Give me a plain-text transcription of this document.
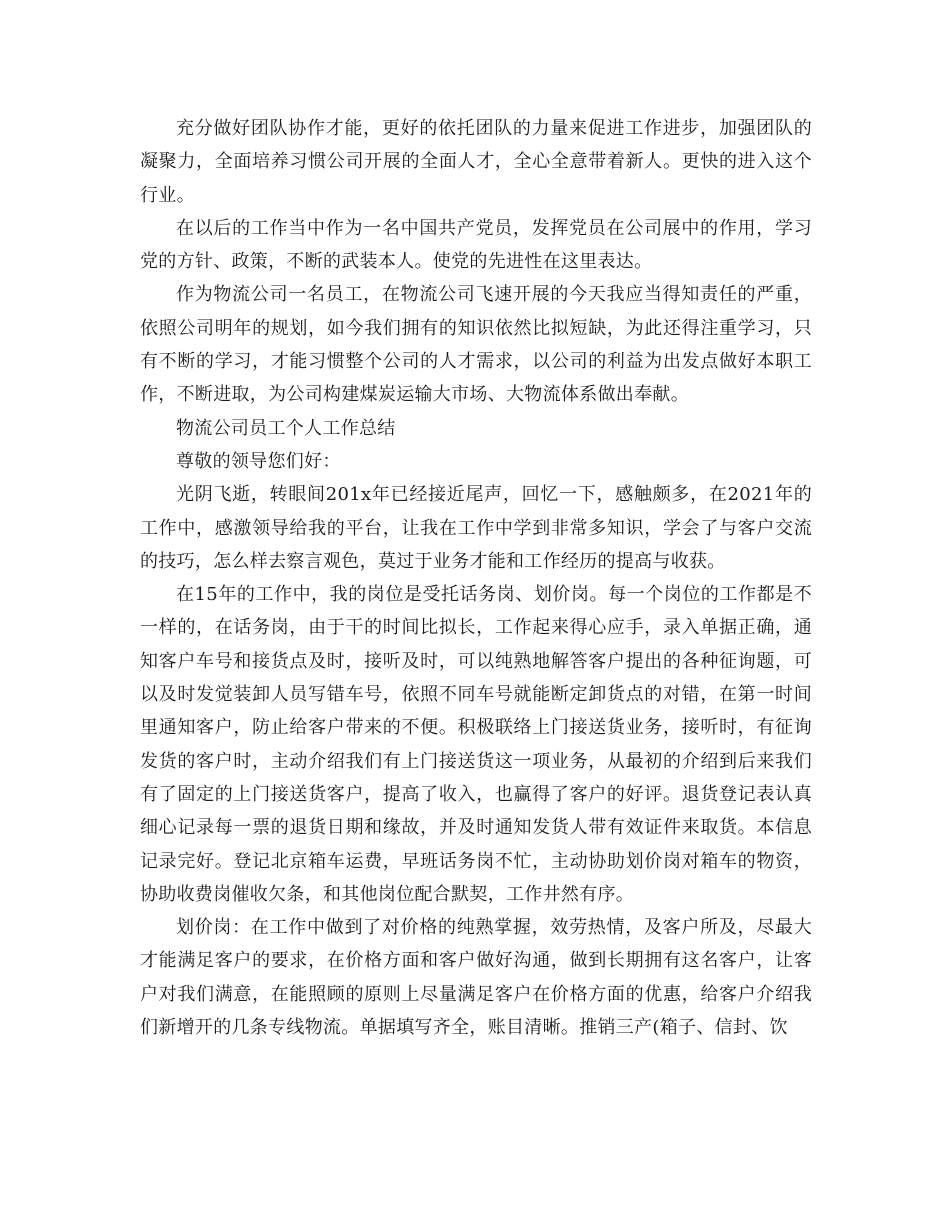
充分做好团队协作才能，更好的依托团队的力量来促进工作进步，加强团队的凝聚力，全面培养习惯公司开展的全面人才，全心全意带着新人。更快的进入这个行业。

在以后的工作当中作为一名中国共产党员，发挥党员在公司展中的作用，学习党的方针、政策，不断的武装本人。使党的先进性在这里表达。

作为物流公司一名员工，在物流公司飞速开展的今天我应当得知责任的严重，依照公司明年的规划，如今我们拥有的知识依然比拟短缺，为此还得注重学习，只有不断的学习，才能习惯整个公司的人才需求，以公司的利益为出发点做好本职工作，不断进取，为公司构建煤炭运输大市场、大物流体系做出奉献。

物流公司员工个人工作总结

尊敬的领导您们好：

光阴飞逝，转眼间201x年已经接近尾声，回忆一下，感触颇多，在2021年的工作中，感激领导给我的平台，让我在工作中学到非常多知识，学会了与客户交流的技巧，怎么样去察言观色，莫过于业务才能和工作经历的提高与收获。

在15年的工作中，我的岗位是受托话务岗、划价岗。每一个岗位的工作都是不一样的，在话务岗，由于干的时间比拟长，工作起来得心应手，录入单据正确，通知客户车号和接货点及时，接听及时，可以纯熟地解答客户提出的各种征询题，可以及时发觉装卸人员写错车号，依照不同车号就能断定卸货点的对错，在第一时间里通知客户，防止给客户带来的不便。积极联络上门接送货业务，接听时，有征询发货的客户时，主动介绍我们有上门接送货这一项业务，从最初的介绍到后来我们有了固定的上门接送货客户，提高了收入，也赢得了客户的好评。退货登记表认真细心记录每一票的退货日期和缘故，并及时通知发货人带有效证件来取货。本信息记录完好。登记北京箱车运费，早班话务岗不忙，主动协助划价岗对箱车的物资，协助收费岗催收欠条，和其他岗位配合默契，工作井然有序。

划价岗：在工作中做到了对价格的纯熟掌握，效劳热情，及客户所及，尽最大才能满足客户的要求，在价格方面和客户做好沟通，做到长期拥有这名客户，让客户对我们满意，在能照顾的原则上尽量满足客户在价格方面的优惠，给客户介绍我们新增开的几条专线物流。单据填写齐全，账目清晰。推销三产(箱子、信封、饮
